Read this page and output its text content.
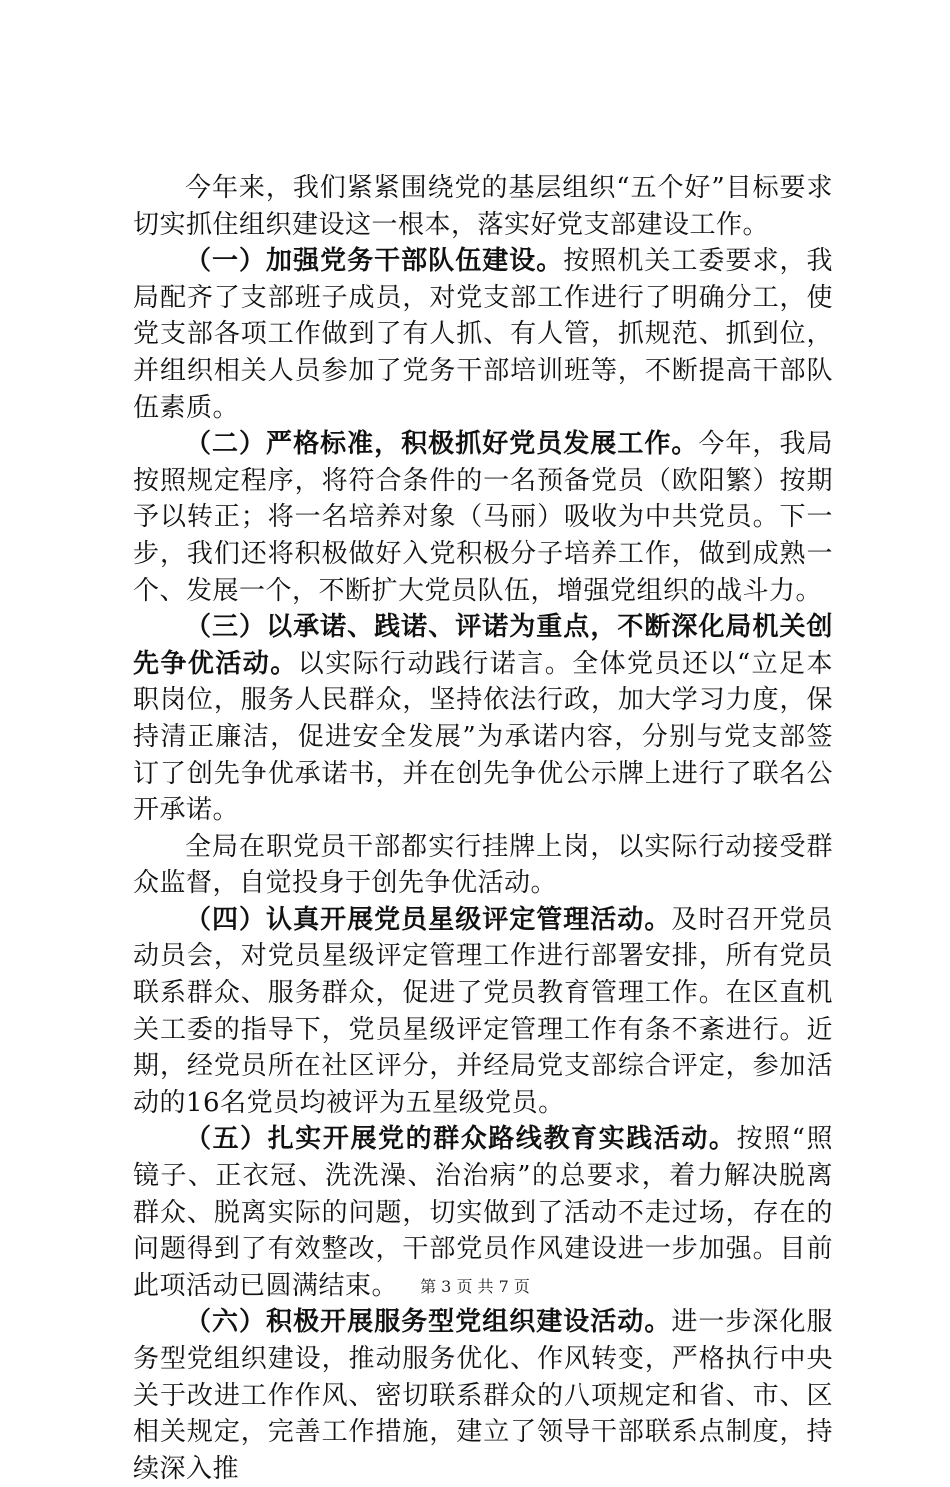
今年来，我们紧紧围绕党的基层组织“五个好”目标要求切实抓住组织建设这一根本，落实好党支部建设工作。

（一）加强党务干部队伍建设。按照机关工委要求，我局配齐了支部班子成员，对党支部工作进行了明确分工，使党支部各项工作做到了有人抓、有人管，抓规范、抓到位，并组织相关人员参加了党务干部培训班等，不断提高干部队伍素质。

（二）严格标准，积极抓好党员发展工作。今年，我局按照规定程序，将符合条件的一名预备党员（欧阳繁）按期予以转正；将一名培养对象（马丽）吸收为中共党员。下一步，我们还将积极做好入党积极分子培养工作，做到成熟一个、发展一个，不断扩大党员队伍，增强党组织的战斗力。

（三）以承诺、践诺、评诺为重点，不断深化局机关创先争优活动。以实际行动践行诺言。全体党员还以“立足本职岗位，服务人民群众，坚持依法行政，加大学习力度，保持清正廉洁，促进安全发展”为承诺内容，分别与党支部签订了创先争优承诺书，并在创先争优公示牌上进行了联名公开承诺。

全局在职党员干部都实行挂牌上岗，以实际行动接受群众监督，自觉投身于创先争优活动。

（四）认真开展党员星级评定管理活动。及时召开党员动员会，对党员星级评定管理工作进行部署安排，所有党员联系群众、服务群众，促进了党员教育管理工作。在区直机关工委的指导下，党员星级评定管理工作有条不紊进行。近期，经党员所在社区评分，并经局党支部综合评定，参加活动的16名党员均被评为五星级党员。

（五）扎实开展党的群众路线教育实践活动。按照“照镜子、正衣冠、洗洗澡、治治病”的总要求，着力解决脱离群众、脱离实际的问题，切实做到了活动不走过场，存在的问题得到了有效整改，干部党员作风建设进一步加强。目前此项活动已圆满结束。

（六）积极开展服务型党组织建设活动。进一步深化服务型党组织建设，推动服务优化、作风转变，严格执行中央关于改进工作作风、密切联系群众的八项规定和省、市、区相关规定，完善工作措施，建立了领导干部联系点制度，持续深入推

第 3 页 共 7 页
